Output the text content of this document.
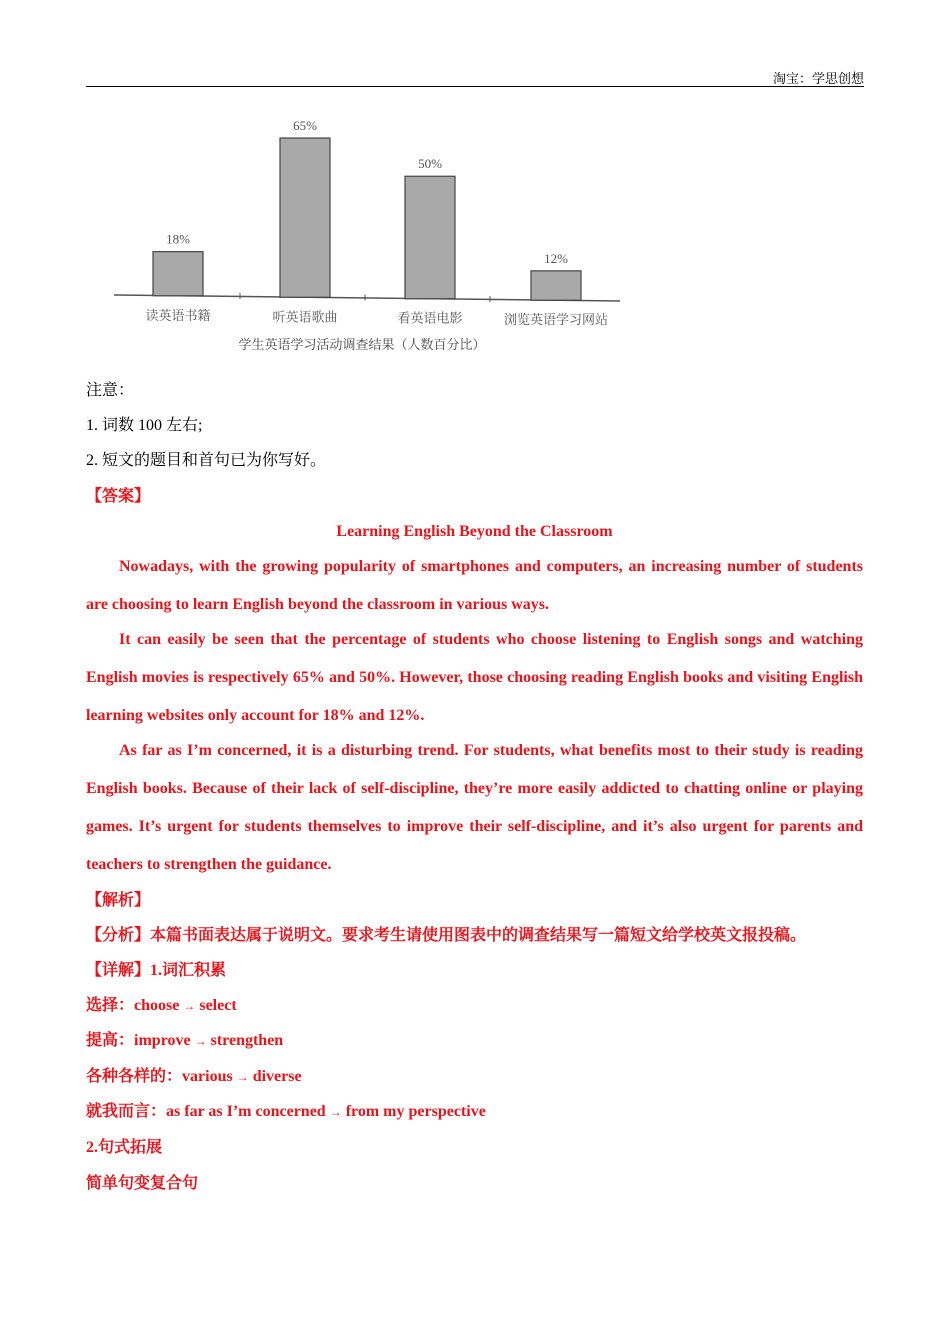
淘宝：学思创想
18%
读英语书籍
65%
听英语歌曲
50%
看英语电影
12%
浏览英语学习网站
学生英语学习活动调查结果（人数百分比）
注意：
1. 词数 100 左右;
2. 短文的题目和首句已为你写好。
【答案】
Learning English Beyond the Classroom
Nowadays, with the growing popularity of smartphones and computers, an increasing number of students are choosing to learn English beyond the classroom in various ways.
It can easily be seen that the percentage of students who choose listening to English songs and watching English movies is respectively 65% and 50%. However, those choosing reading English books and visiting English learning websites only account for 18% and 12%.
As far as I’m concerned, it is a disturbing trend. For students, what benefits most to their study is reading English books. Because of their lack of self-discipline, they’re more easily addicted to chatting online or playing games. It’s urgent for students themselves to improve their self-discipline, and it’s also urgent for parents and teachers to strengthen the guidance.
【解析】
【分析】本篇书面表达属于说明文。要求考生请使用图表中的调查结果写一篇短文给学校英文报投稿。
【详解】1.词汇积累
选择：choose → select
提高：improve → strengthen
各种各样的：various → diverse
就我而言：as far as I’m concerned → from my perspective
2.句式拓展
简单句变复合句
